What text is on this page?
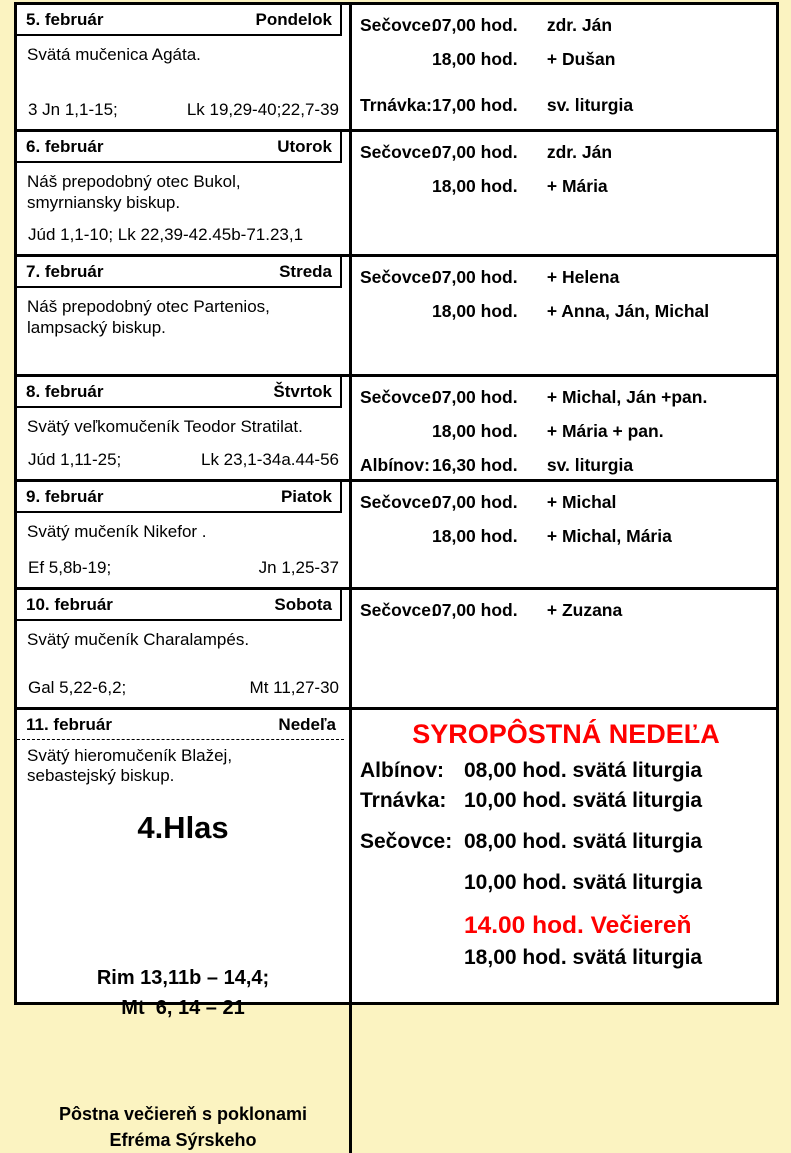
5. február	Pondelok
Svätá mučenica Agáta.
3 Jn 1,1-15;	Lk 19,29-40;22,7-39
Sečovce:
07,00 hod.	zdr. Ján
18,00 hod.	+ Dušan
Trnávka: 17,00 hod.	sv. liturgia
6. február	Utorok
Náš prepodobný otec Bukol,
smyrniansky biskup.
Júd 1,1-10; Lk 22,39-42.45b-71.23,1
Sečovce:
07,00 hod.	zdr. Ján
18,00 hod.	+ Mária
7. február	Streda
Náš prepodobný otec Partenios,
lampsacký biskup.
Sečovce:
07,00 hod.	+ Helena
18,00 hod.	+ Anna, Ján, Michal
8. február	Štvrtok
Svätý veľkomučeník Teodor Stratilat.
Júd 1,11-25;	Lk 23,1-34a.44-56
Sečovce:
07,00 hod.	+ Michal, Ján +pan.
18,00 hod.	+ Mária + pan.
Albínov: 16,30 hod.	sv. liturgia
9. február	Piatok
Svätý mučeník Nikefor .
Ef 5,8b-19;	Jn 1,25-37
Sečovce:
07,00 hod.	+ Michal
18,00 hod.	+ Michal, Mária
10. február	Sobota
Svätý mučeník Charalampés.
Gal 5,22-6,2;	Mt 11,27-30
Sečovce:
07,00 hod.	+ Zuzana
11. február	Nedeľa
Svätý hieromučeník Blažej,
sebastejský biskup.
4.Hlas

Rim 13,11b – 14,4;
Mt  6, 14 – 21

Pôstna večiereň s poklonami
Efréma Sýrskeho
SYROPÔSTNÁ NEDEĽA
Albínov: 08,00 hod. svätá liturgia
Trnávka: 10,00 hod. svätá liturgia
Sečovce: 08,00 hod. svätá liturgia
10,00 hod. svätá liturgia
14.00 hod. Večiereň
18,00 hod. svätá liturgia
